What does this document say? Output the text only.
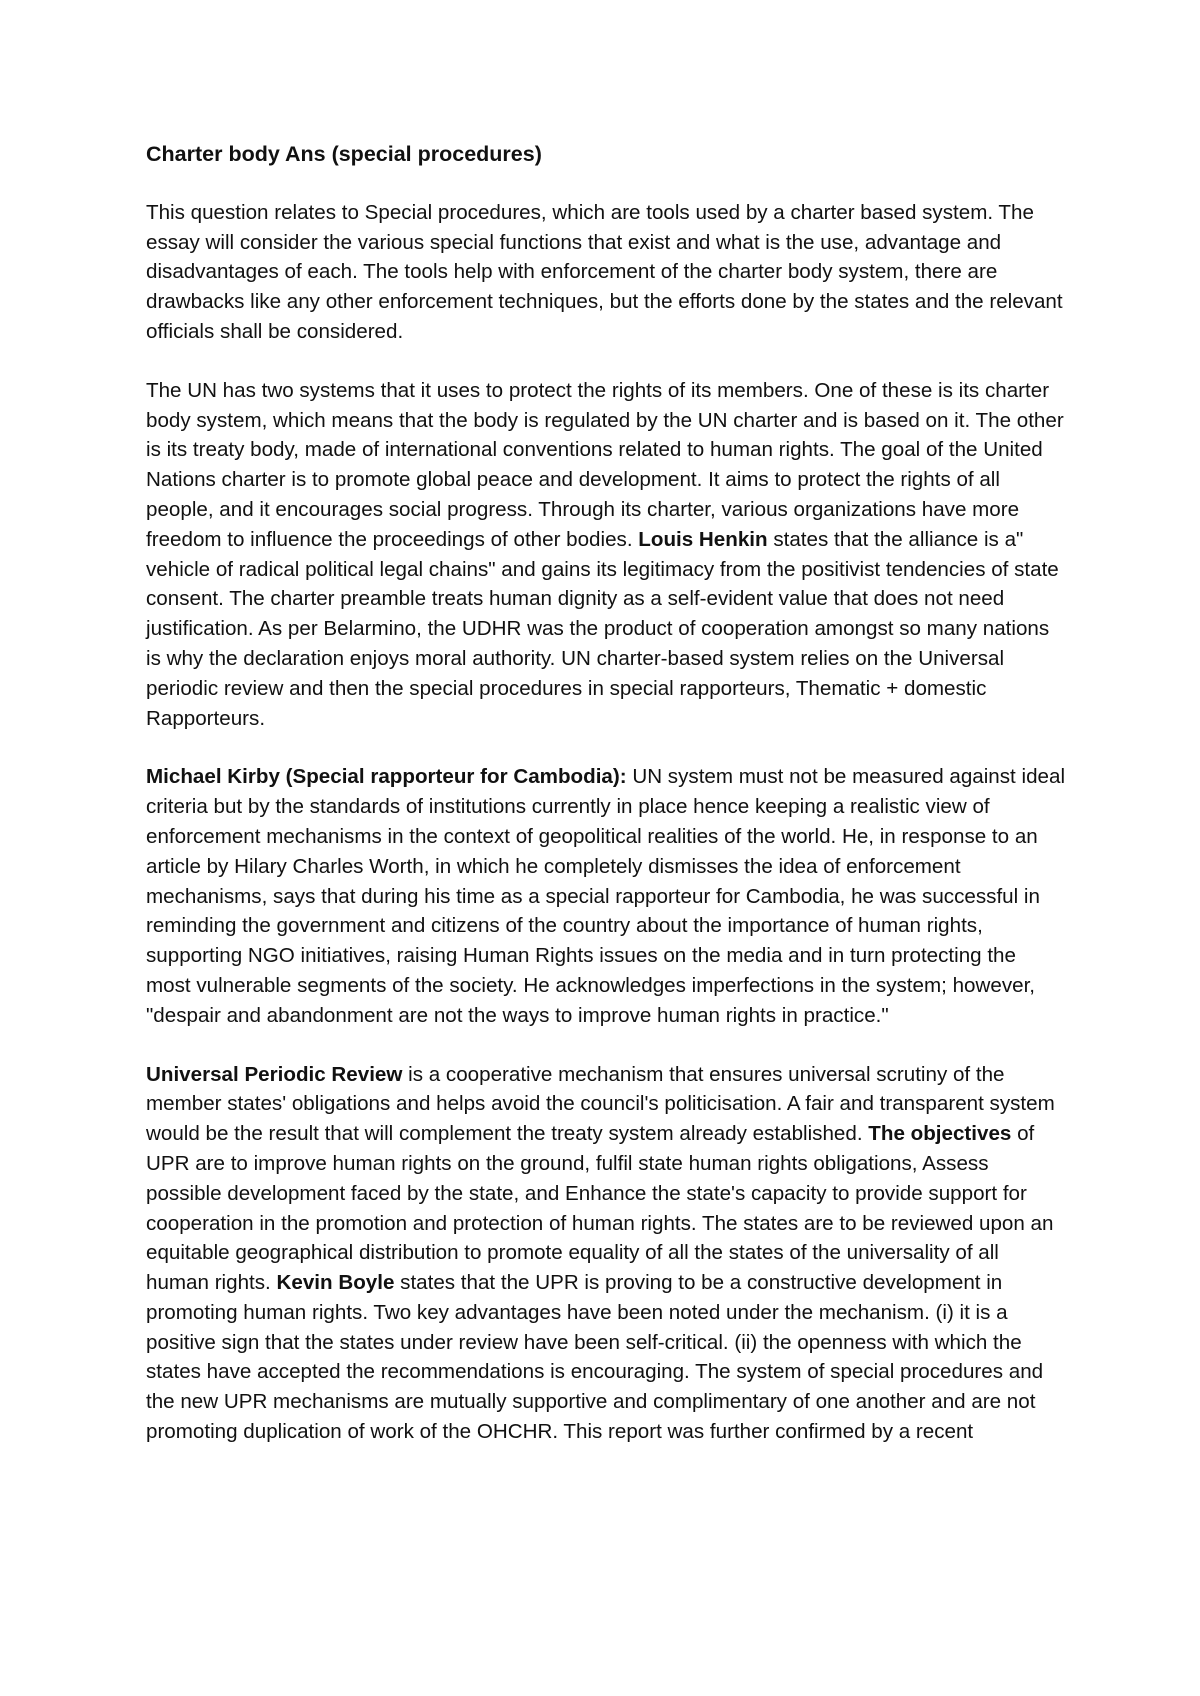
Charter body Ans (special procedures)

This question relates to Special procedures, which are tools used by a charter based system. The essay will consider the various special functions that exist and what is the use, advantage and disadvantages of each. The tools help with enforcement of the charter body system, there are drawbacks like any other enforcement techniques, but the efforts done by the states and the relevant officials shall be considered.

The UN has two systems that it uses to protect the rights of its members. One of these is its charter body system, which means that the body is regulated by the UN charter and is based on it. The other is its treaty body, made of international conventions related to human rights. The goal of the United Nations charter is to promote global peace and development. It aims to protect the rights of all people, and it encourages social progress. Through its charter, various organizations have more freedom to influence the proceedings of other bodies. Louis Henkin states that the alliance is a" vehicle of radical political legal chains" and gains its legitimacy from the positivist tendencies of state consent. The charter preamble treats human dignity as a self-evident value that does not need justification. As per Belarmino, the UDHR was the product of cooperation amongst so many nations is why the declaration enjoys moral authority. UN charter-based system relies on the Universal periodic review and then the special procedures in special rapporteurs, Thematic + domestic Rapporteurs.

Michael Kirby (Special rapporteur for Cambodia): UN system must not be measured against ideal criteria but by the standards of institutions currently in place hence keeping a realistic view of enforcement mechanisms in the context of geopolitical realities of the world. He, in response to an article by Hilary Charles Worth, in which he completely dismisses the idea of enforcement mechanisms, says that during his time as a special rapporteur for Cambodia, he was successful in reminding the government and citizens of the country about the importance of human rights, supporting NGO initiatives, raising Human Rights issues on the media and in turn protecting the most vulnerable segments of the society. He acknowledges imperfections in the system; however, "despair and abandonment are not the ways to improve human rights in practice."

Universal Periodic Review is a cooperative mechanism that ensures universal scrutiny of the member states' obligations and helps avoid the council's politicisation. A fair and transparent system would be the result that will complement the treaty system already established. The objectives of UPR are to improve human rights on the ground, fulfil state human rights obligations, Assess possible development faced by the state, and Enhance the state's capacity to provide support for cooperation in the promotion and protection of human rights. The states are to be reviewed upon an equitable geographical distribution to promote equality of all the states of the universality of all human rights. Kevin Boyle states that the UPR is proving to be a constructive development in promoting human rights. Two key advantages have been noted under the mechanism. (i) it is a positive sign that the states under review have been self-critical. (ii) the openness with which the states have accepted the recommendations is encouraging. The system of special procedures and the new UPR mechanisms are mutually supportive and complimentary of one another and are not promoting duplication of work of the OHCHR. This report was further confirmed by a recent
